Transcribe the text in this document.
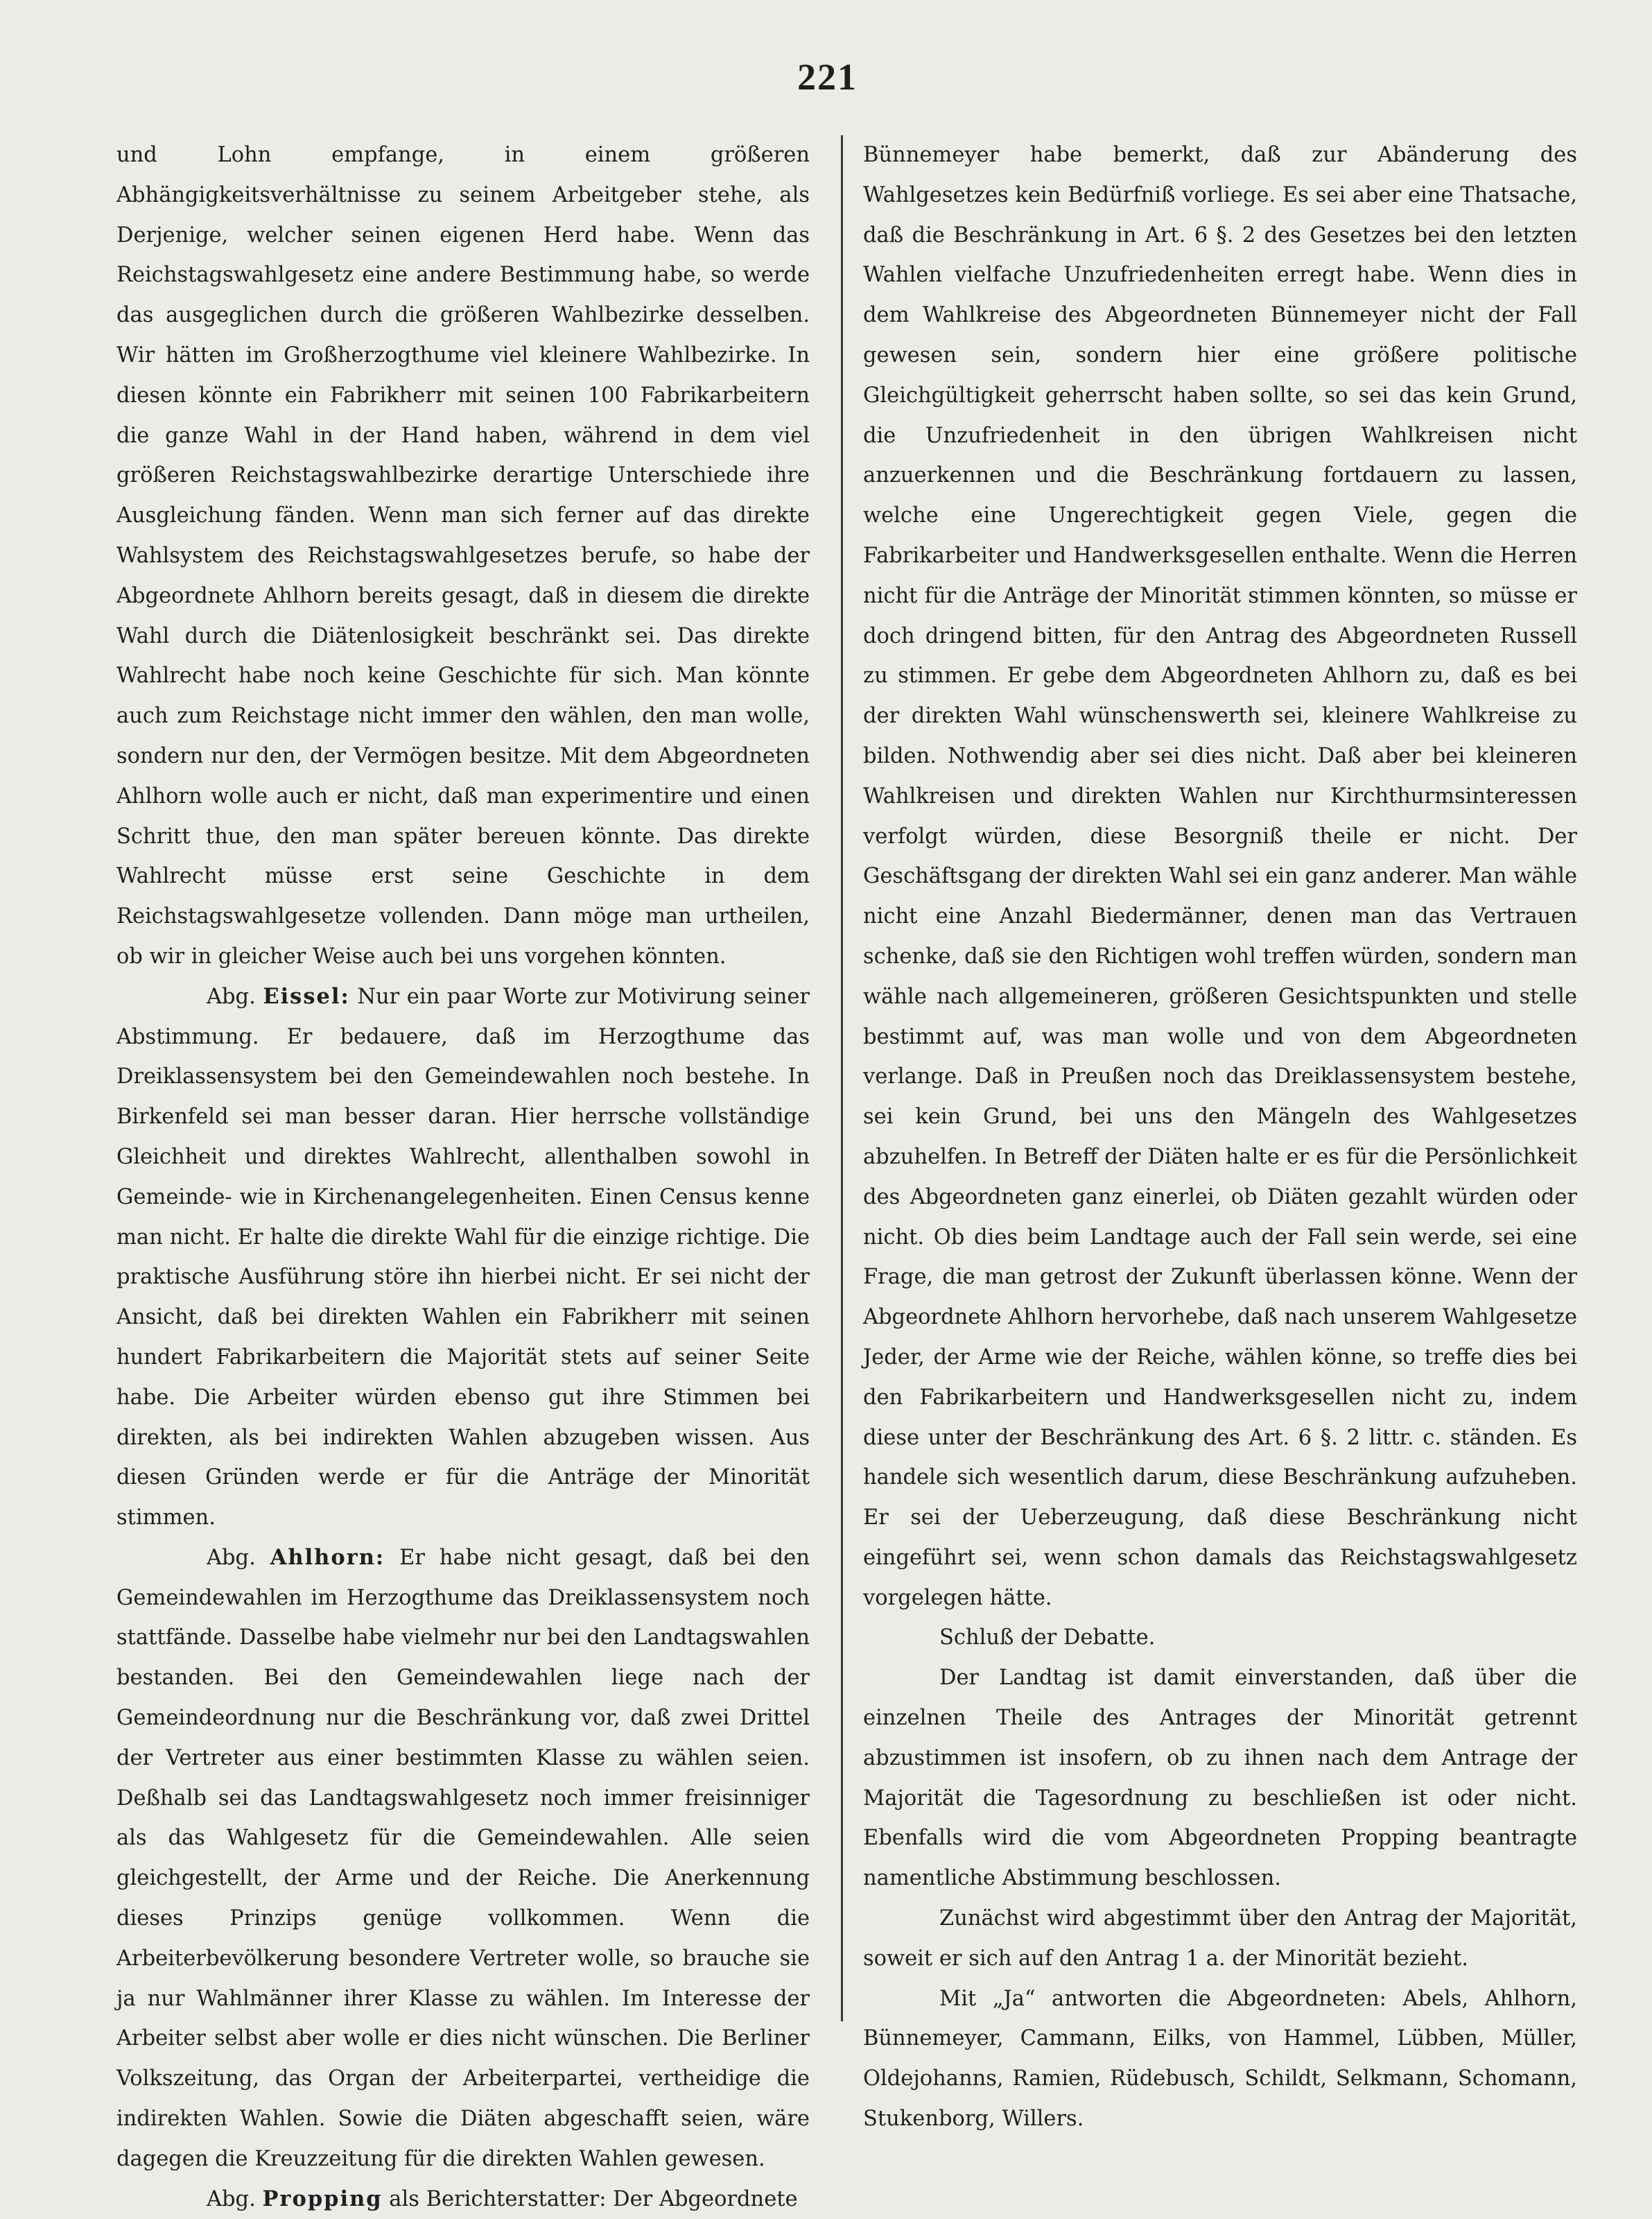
221

und Lohn empfange, in einem größeren Abhängigkeitsverhältnisse zu seinem Arbeitgeber stehe, als Derjenige, welcher seinen eigenen Herd habe. Wenn das Reichstagswahlgesetz eine andere Bestimmung habe, so werde das ausgeglichen durch die größeren Wahlbezirke desselben. Wir hätten im Großherzogthume viel kleinere Wahlbezirke. In diesen könnte ein Fabrikherr mit seinen 100 Fabrikarbeitern die ganze Wahl in der Hand haben, während in dem viel größeren Reichstagswahlbezirke derartige Unterschiede ihre Ausgleichung fänden. Wenn man sich ferner auf das direkte Wahlsystem des Reichstagswahlgesetzes berufe, so habe der Abgeordnete Ahlhorn bereits gesagt, daß in diesem die direkte Wahl durch die Diätenlosigkeit beschränkt sei. Das direkte Wahlrecht habe noch keine Geschichte für sich. Man könnte auch zum Reichstage nicht immer den wählen, den man wolle, sondern nur den, der Vermögen besitze. Mit dem Abgeordneten Ahlhorn wolle auch er nicht, daß man experimentire und einen Schritt thue, den man später bereuen könnte. Das direkte Wahlrecht müsse erst seine Geschichte in dem Reichstagswahlgesetze vollenden. Dann möge man urtheilen, ob wir in gleicher Weise auch bei uns vorgehen könnten.

Abg. Eissel: Nur ein paar Worte zur Motivirung seiner Abstimmung. Er bedauere, daß im Herzogthume das Dreiklassensystem bei den Gemeindewahlen noch bestehe. In Birkenfeld sei man besser daran. Hier herrsche vollständige Gleichheit und direktes Wahlrecht, allenthalben sowohl in Gemeinde- wie in Kirchenangelegenheiten. Einen Census kenne man nicht. Er halte die direkte Wahl für die einzige richtige. Die praktische Ausführung störe ihn hierbei nicht. Er sei nicht der Ansicht, daß bei direkten Wahlen ein Fabrikherr mit seinen hundert Fabrikarbeitern die Majorität stets auf seiner Seite habe. Die Arbeiter würden ebenso gut ihre Stimmen bei direkten, als bei indirekten Wahlen abzugeben wissen. Aus diesen Gründen werde er für die Anträge der Minorität stimmen.

Abg. Ahlhorn: Er habe nicht gesagt, daß bei den Gemeindewahlen im Herzogthume das Dreiklassensystem noch stattfände. Dasselbe habe vielmehr nur bei den Landtagswahlen bestanden. Bei den Gemeindewahlen liege nach der Gemeindeordnung nur die Beschränkung vor, daß zwei Drittel der Vertreter aus einer bestimmten Klasse zu wählen seien. Deßhalb sei das Landtagswahlgesetz noch immer freisinniger als das Wahlgesetz für die Gemeindewahlen. Alle seien gleichgestellt, der Arme und der Reiche. Die Anerkennung dieses Prinzips genüge vollkommen. Wenn die Arbeiterbevölkerung besondere Vertreter wolle, so brauche sie ja nur Wahlmänner ihrer Klasse zu wählen. Im Interesse der Arbeiter selbst aber wolle er dies nicht wünschen. Die Berliner Volkszeitung, das Organ der Arbeiterpartei, vertheidige die indirekten Wahlen. Sowie die Diäten abgeschafft seien, wäre dagegen die Kreuzzeitung für die direkten Wahlen gewesen.

Abg. Propping als Berichterstatter: Der Abgeordnete

Bünnemeyer habe bemerkt, daß zur Abänderung des Wahlgesetzes kein Bedürfniß vorliege. Es sei aber eine Thatsache, daß die Beschränkung in Art. 6 §. 2 des Gesetzes bei den letzten Wahlen vielfache Unzufriedenheiten erregt habe. Wenn dies in dem Wahlkreise des Abgeordneten Bünnemeyer nicht der Fall gewesen sein, sondern hier eine größere politische Gleichgültigkeit geherrscht haben sollte, so sei das kein Grund, die Unzufriedenheit in den übrigen Wahlkreisen nicht anzuerkennen und die Beschränkung fortdauern zu lassen, welche eine Ungerechtigkeit gegen Viele, gegen die Fabrikarbeiter und Handwerksgesellen enthalte. Wenn die Herren nicht für die Anträge der Minorität stimmen könnten, so müsse er doch dringend bitten, für den Antrag des Abgeordneten Russell zu stimmen. Er gebe dem Abgeordneten Ahlhorn zu, daß es bei der direkten Wahl wünschenswerth sei, kleinere Wahlkreise zu bilden. Nothwendig aber sei dies nicht. Daß aber bei kleineren Wahlkreisen und direkten Wahlen nur Kirchthurmsinteressen verfolgt würden, diese Besorgniß theile er nicht. Der Geschäftsgang der direkten Wahl sei ein ganz anderer. Man wähle nicht eine Anzahl Biedermänner, denen man das Vertrauen schenke, daß sie den Richtigen wohl treffen würden, sondern man wähle nach allgemeineren, größeren Gesichtspunkten und stelle bestimmt auf, was man wolle und von dem Abgeordneten verlange. Daß in Preußen noch das Dreiklassensystem bestehe, sei kein Grund, bei uns den Mängeln des Wahlgesetzes abzuhelfen. In Betreff der Diäten halte er es für die Persönlichkeit des Abgeordneten ganz einerlei, ob Diäten gezahlt würden oder nicht. Ob dies beim Landtage auch der Fall sein werde, sei eine Frage, die man getrost der Zukunft überlassen könne. Wenn der Abgeordnete Ahlhorn hervorhebe, daß nach unserem Wahlgesetze Jeder, der Arme wie der Reiche, wählen könne, so treffe dies bei den Fabrikarbeitern und Handwerksgesellen nicht zu, indem diese unter der Beschränkung des Art. 6 §. 2 littr. c. ständen. Es handele sich wesentlich darum, diese Beschränkung aufzuheben. Er sei der Ueberzeugung, daß diese Beschränkung nicht eingeführt sei, wenn schon damals das Reichstagswahlgesetz vorgelegen hätte.

Schluß der Debatte.

Der Landtag ist damit einverstanden, daß über die einzelnen Theile des Antrages der Minorität getrennt abzustimmen ist insofern, ob zu ihnen nach dem Antrage der Majorität die Tagesordnung zu beschließen ist oder nicht. Ebenfalls wird die vom Abgeordneten Propping beantragte namentliche Abstimmung beschlossen.

Zunächst wird abgestimmt über den Antrag der Majorität, soweit er sich auf den Antrag 1 a. der Minorität bezieht.

Mit „Ja“ antworten die Abgeordneten: Abels, Ahlhorn, Bünnemeyer, Cammann, Eilks, von Hammel, Lübben, Müller, Oldejohanns, Ramien, Rüdebusch, Schildt, Selkmann, Schomann, Stukenborg, Willers.
